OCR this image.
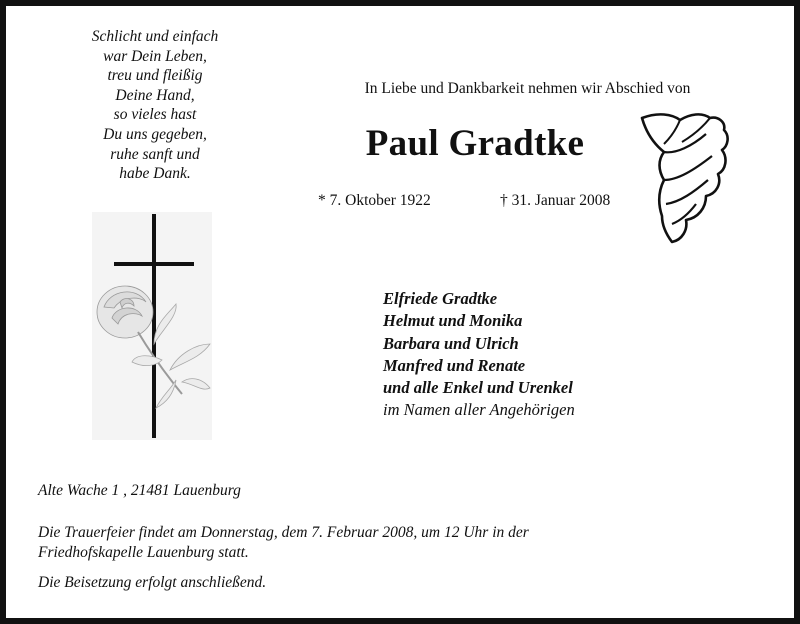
Schlicht und einfach
war Dein Leben,
treu und fleißig
Deine Hand,
so vieles hast
Du uns gegeben,
ruhe sanft und
habe Dank.
In Liebe und Dankbarkeit nehmen wir Abschied von
Paul Gradtke
* 7. Oktober 1922	† 31. Januar 2008
Elfriede Gradtke
Helmut und Monika
Barbara und Ulrich
Manfred und Renate
und alle Enkel und Urenkel
im Namen aller Angehörigen
Alte Wache 1 , 21481 Lauenburg
Die Trauerfeier findet am Donnerstag, dem 7. Februar 2008, um 12 Uhr in der
Friedhofskapelle Lauenburg statt.
Die Beisetzung erfolgt anschließend.
